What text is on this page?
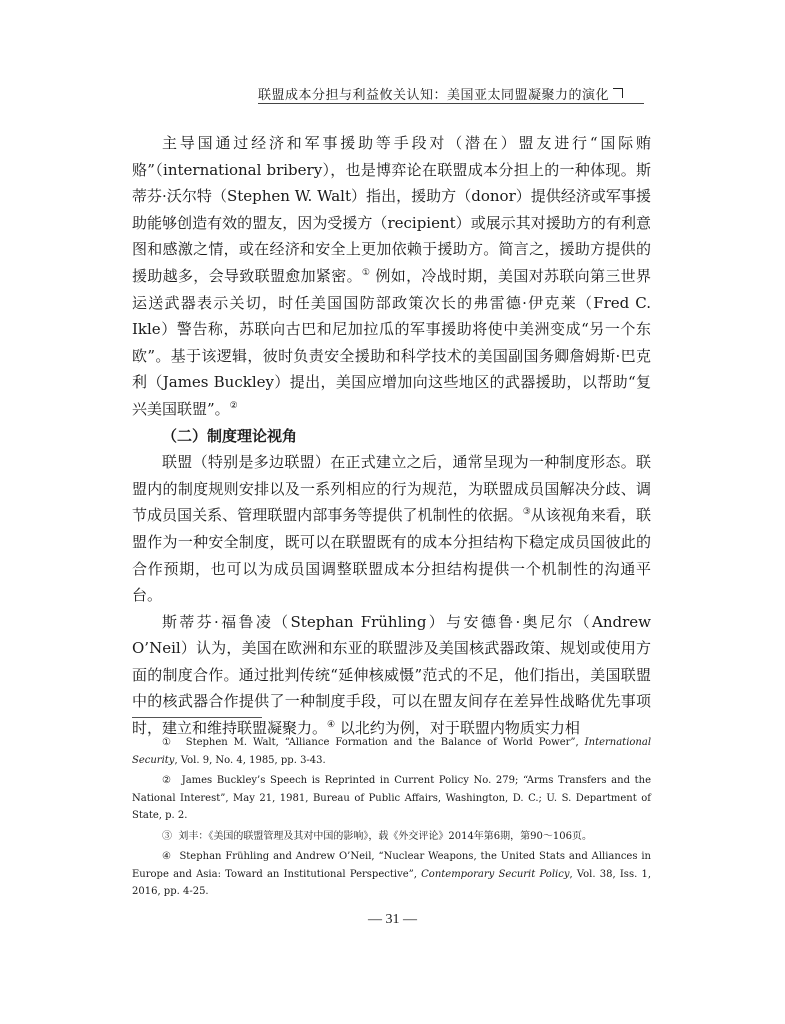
联盟成本分担与利益攸关认知：美国亚太同盟凝聚力的演化

主导国通过经济和军事援助等手段对（潜在）盟友进行“国际贿赂”（international bribery），也是博弈论在联盟成本分担上的一种体现。斯蒂芬·沃尔特（Stephen W. Walt）指出，援助方（donor）提供经济或军事援助能够创造有效的盟友，因为受援方（recipient）或展示其对援助方的有利意图和感激之情，或在经济和安全上更加依赖于援助方。简言之，援助方提供的援助越多，会导致联盟愈加紧密。① 例如，冷战时期，美国对苏联向第三世界运送武器表示关切，时任美国国防部政策次长的弗雷德·伊克莱（Fred C. Ikle）警告称，苏联向古巴和尼加拉瓜的军事援助将使中美洲变成“另一个东欧”。基于该逻辑，彼时负责安全援助和科学技术的美国副国务卿詹姆斯·巴克利（James Buckley）提出，美国应增加向这些地区的武器援助，以帮助“复兴美国联盟”。②

（二）制度理论视角

联盟（特别是多边联盟）在正式建立之后，通常呈现为一种制度形态。联盟内的制度规则安排以及一系列相应的行为规范，为联盟成员国解决分歧、调节成员国关系、管理联盟内部事务等提供了机制性的依据。③从该视角来看，联盟作为一种安全制度，既可以在联盟既有的成本分担结构下稳定成员国彼此的合作预期，也可以为成员国调整联盟成本分担结构提供一个机制性的沟通平台。

斯蒂芬·福鲁凌（Stephan Frühling）与安德鲁·奥尼尔（Andrew O’Neil）认为，美国在欧洲和东亚的联盟涉及美国核武器政策、规划或使用方面的制度合作。通过批判传统“延伸核威慑”范式的不足，他们指出，美国联盟中的核武器合作提供了一种制度手段，可以在盟友间存在差异性战略优先事项时，建立和维持联盟凝聚力。④ 以北约为例，对于联盟内物质实力相

① Stephen M. Walt, “Alliance Formation and the Balance of World Power”, International Security, Vol. 9, No. 4, 1985, pp. 3-43.

② James Buckley’s Speech is Reprinted in Current Policy No. 279; “Arms Transfers and the National Interest”, May 21, 1981, Bureau of Public Affairs, Washington, D. C.; U. S. Department of State, p. 2.

③ 刘丰：《美国的联盟管理及其对中国的影响》，载《外交评论》2014年第6期，第90～106页。

④ Stephan Frühling and Andrew O’Neil, “Nuclear Weapons, the United Stats and Alliances in Europe and Asia: Toward an Institutional Perspective”, Contemporary Securit Policy, Vol. 38, Iss. 1, 2016, pp. 4-25.

— 31 —
